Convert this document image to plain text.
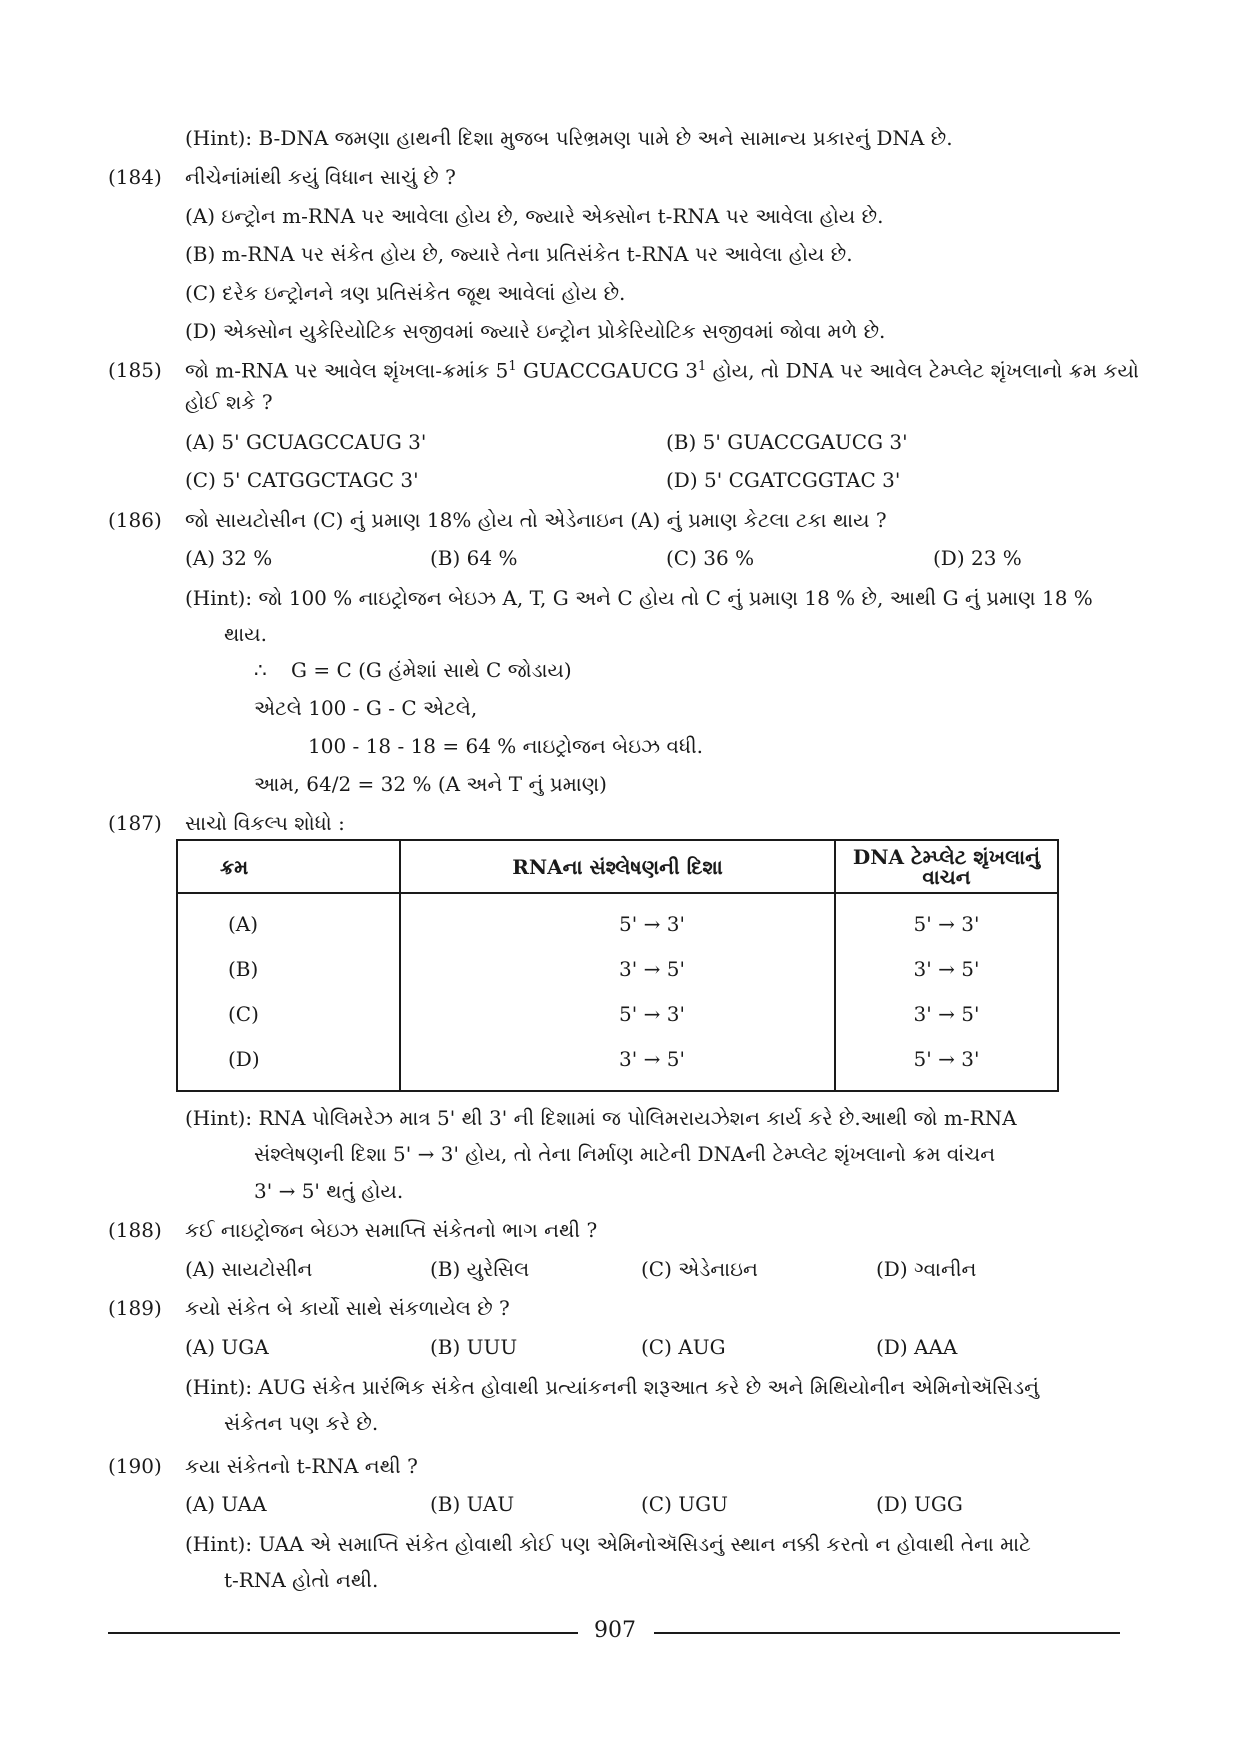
(Hint): B-DNA જમણા હાથની દિશા મુજબ પરિભ્રમણ પામે છે અને સામાન્ય પ્રકારનું DNA છે.
(184) નીચેનાંમાંથી કયું વિધાન સાચું છે ?
(A) ઇન્ટ્રોન m-RNA પર આવેલા હોય છે, જ્યારે એક્સોન t-RNA પર આવેલા હોય છે.
(B) m-RNA પર સંકેત હોય છે, જ્યારે તેના પ્રતિસંકેત t-RNA પર આવેલા હોય છે.
(C) દરેક ઇન્ટ્રોનને ત્રણ પ્રતિસંકેત જૂથ આવેલાં હોય છે.
(D) એક્સોન યુકેરિયોટિક સજીવમાં જ્યારે ઇન્ટ્રોન પ્રોકેરિયોટિક સજીવમાં જોવા મળે છે.
(185) જો m-RNA પર આવેલ શૃંખલા-ક્રમાંક $5^1$ GUACCGAUCG $3^1$ હોય, તો DNA પર આવેલ ટેમ્પ્લેટ શૃંખલાનો ક્રમ કયો
હોઈ શકે ?
(A) 5' GCUAGCCAUG 3'	(B) 5' GUACCGAUCG 3'
(C) 5' CATGGCTAGC 3'	(D) 5' CGATCGGTAC 3'
(186) જો સાયટોસીન (C) નું પ્રમાણ 18% હોય તો એડેનાઇન (A) નું પ્રમાણ કેટલા ટકા થાય ?
(A) 32 %	(B) 64 %	(C) 36 %	(D) 23 %
(Hint): જો 100 % નાઇટ્રોજન બેઇઝ A, T, G અને C હોય તો C નું પ્રમાણ 18 % છે, આથી G નું પ્રમાણ 18 %
થાય.
∴ G = C (G હંમેશાં સાથે C જોડાય)
એટલે 100 - G - C એટલે,
100 - 18 - 18 = 64 % નાઇટ્રોજન બેઇઝ વધી.
આમ, 64/2 = 32 % (A અને T નું પ્રમાણ)
(187) સાચો વિકલ્પ શોધો :
ક્રમ	RNAના સંશ્લેષણની દિશા	DNA ટેમ્પ્લેટ શૃંખલાનું વાચન
(A)	5' → 3'	5' → 3'
(B)	3' → 5'	3' → 5'
(C)	5' → 3'	3' → 5'
(D)	3' → 5'	5' → 3'
(Hint): RNA પોલિમરેઝ માત્ર 5' થી 3' ની દિશામાં જ પોલિમરાયઝેશન કાર્ય કરે છે.આથી જો m-RNA
સંશ્લેષણની દિશા 5' → 3' હોય, તો તેના નિર્માણ માટેની DNAની ટેમ્પ્લેટ શૃંખલાનો ક્રમ વાંચન
3' → 5' થતું હોય.
(188) કઈ નાઇટ્રોજન બેઇઝ સમાપ્તિ સંકેતનો ભાગ નથી ?
(A) સાયટોસીન	(B) યુરેસિલ	(C) એડેનાઇન	(D) ગ્વાનીન
(189) કયો સંકેત બે કાર્યો સાથે સંકળાયેલ છે ?
(A) UGA	(B) UUU	(C) AUG	(D) AAA
(Hint): AUG સંકેત પ્રારંભિક સંકેત હોવાથી પ્રત્યાંકનની શરૂઆત કરે છે અને મિથિયોનીન એમિનોઍસિડનું
સંકેતન પણ કરે છે.
(190) કયા સંકેતનો t-RNA નથી ?
(A) UAA	(B) UAU	(C) UGU	(D) UGG
(Hint): UAA એ સમાપ્તિ સંકેત હોવાથી કોઈ પણ એમિનોઍસિડનું સ્થાન નક્કી કરતો ન હોવાથી તેના માટે
t-RNA હોતો નથી.
907
